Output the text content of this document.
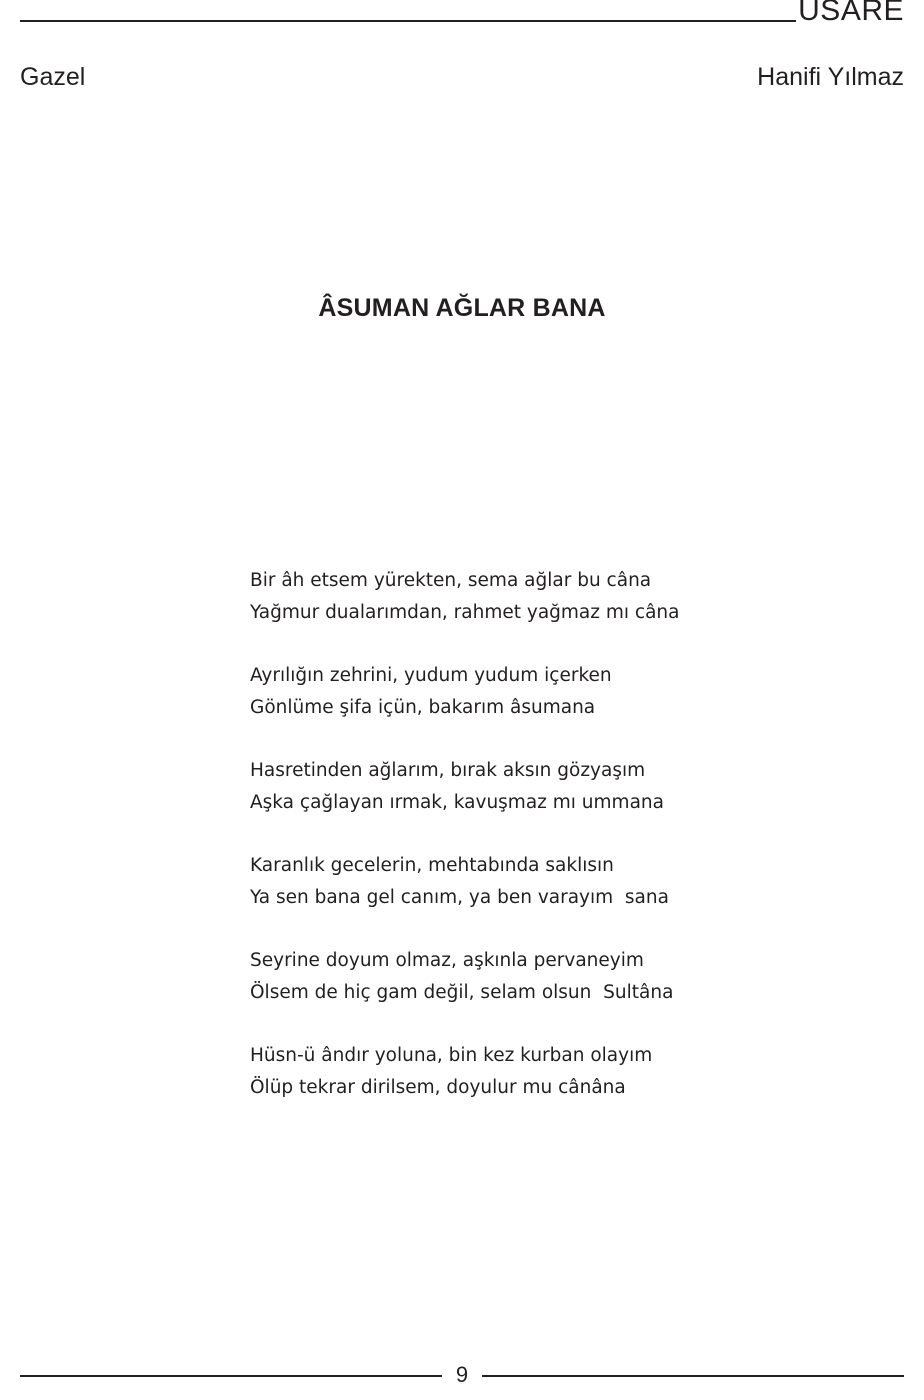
USARE
Gazel	Hanifi Yılmaz
ÂSUMAN AĞLAR BANA
Bir âh etsem yürekten, sema ağlar bu câna
Yağmur dualarımdan, rahmet yağmaz mı câna
Ayrılığın zehrini, yudum yudum içerken
Gönlüme şifa içün, bakarım âsumana
Hasretinden ağlarım, bırak aksın gözyaşım
Aşka çağlayan ırmak, kavuşmaz mı ummana
Karanlık gecelerin, mehtabında saklısın
Ya sen bana gel canım, ya ben varayım  sana
Seyrine doyum olmaz, aşkınla pervaneyim
Ölsem de hiç gam değil, selam olsun  Sultâna
Hüsn-ü ândır yoluna, bin kez kurban olayım
Ölüp tekrar dirilsem, doyulur mu cânâna
9
